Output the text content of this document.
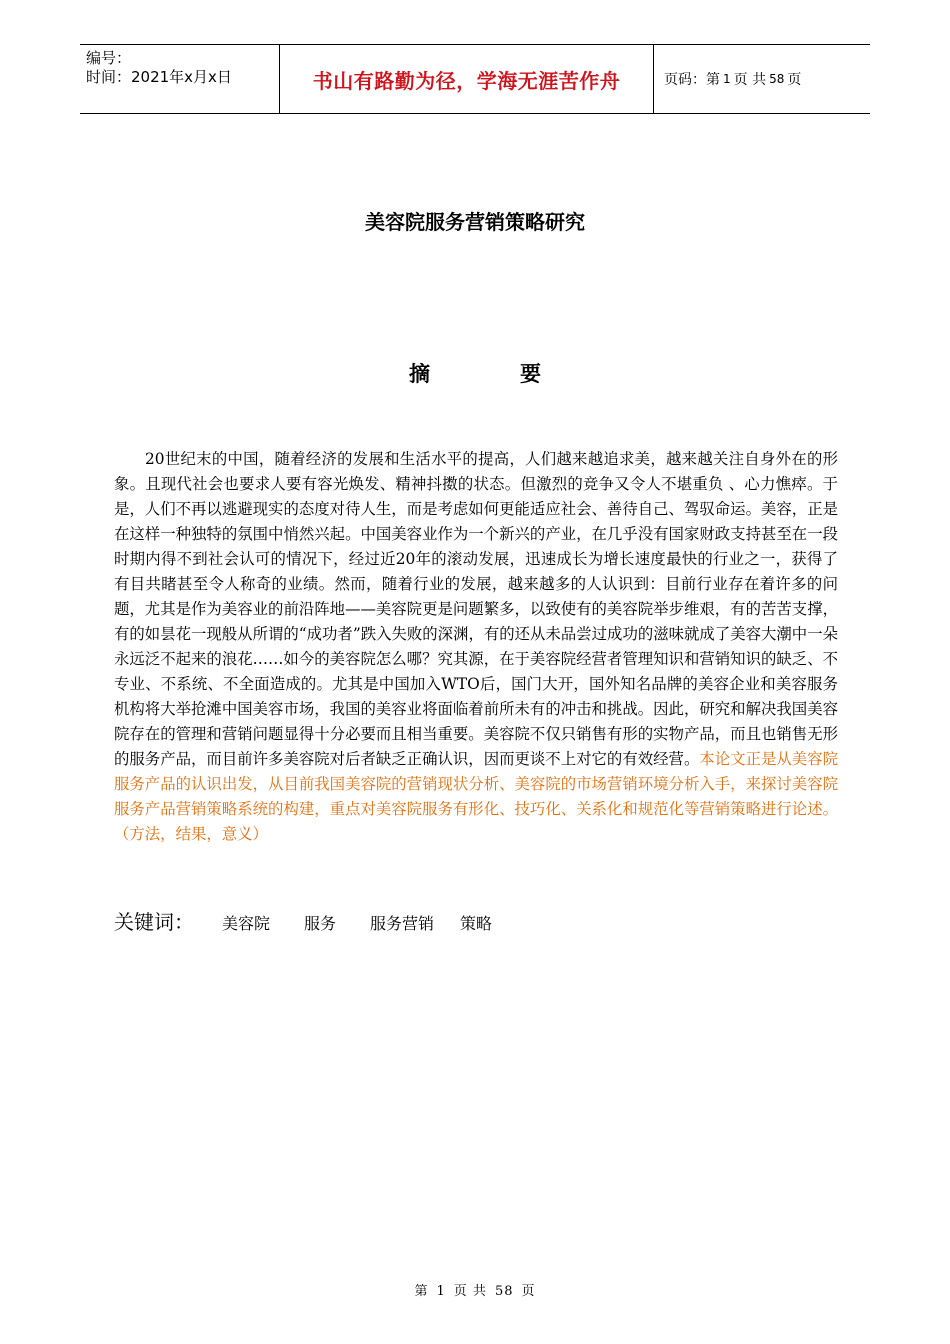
编号：
时间：2021年x月x日	书山有路勤为径，学海无涯苦作舟	页码：第 1 页 共 58 页
美容院服务营销策略研究
摘要

20世纪末的中国，随着经济的发展和生活水平的提高，人们越来越追求美，越来越关注自身外在的形象。且现代社会也要求人要有容光焕发、精神抖擞的状态。但激烈的竞争又令人不堪重负 、心力憔瘁。于是，人们不再以逃避现实的态度对待人生，而是考虑如何更能适应社会、善待自己、驾驭命运。美容，正是在这样一种独特的氛围中悄然兴起。中国美容业作为一个新兴的产业，在几乎没有国家财政支持甚至在一段时期内得不到社会认可的情况下，经过近20年的滚动发展，迅速成长为增长速度最快的行业之一，获得了有目共睹甚至令人称奇的业绩。然而，随着行业的发展，越来越多的人认识到：目前行业存在着许多的问题，尤其是作为美容业的前沿阵地——美容院更是问题繁多，以致使有的美容院举步维艰，有的苦苦支撑，有的如昙花一现般从所谓的“成功者”跌入失败的深渊，有的还从未品尝过成功的滋味就成了美容大潮中一朵永远泛不起来的浪花……如今的美容院怎么哪？究其源，在于美容院经营者管理知识和营销知识的缺乏、不专业、不系统、不全面造成的。尤其是中国加入WTO后，国门大开，国外知名品牌的美容企业和美容服务机构将大举抢滩中国美容市场，我国的美容业将面临着前所未有的冲击和挑战。因此，研究和解决我国美容院存在的管理和营销问题显得十分必要而且相当重要。美容院不仅只销售有形的实物产品，而且也销售无形的服务产品，而目前许多美容院对后者缺乏正确认识，因而更谈不上对它的有效经营。本论文正是从美容院服务产品的认识出发，从目前我国美容院的营销现状分析、美容院的市场营销环境分析入手，来探讨美容院服务产品营销策略系统的构建，重点对美容院服务有形化、技巧化、关系化和规范化等营销策略进行论述。（方法，结果，意义）

关键词： 美容院 服务 服务营销 策略
第 1 页 共 58 页
